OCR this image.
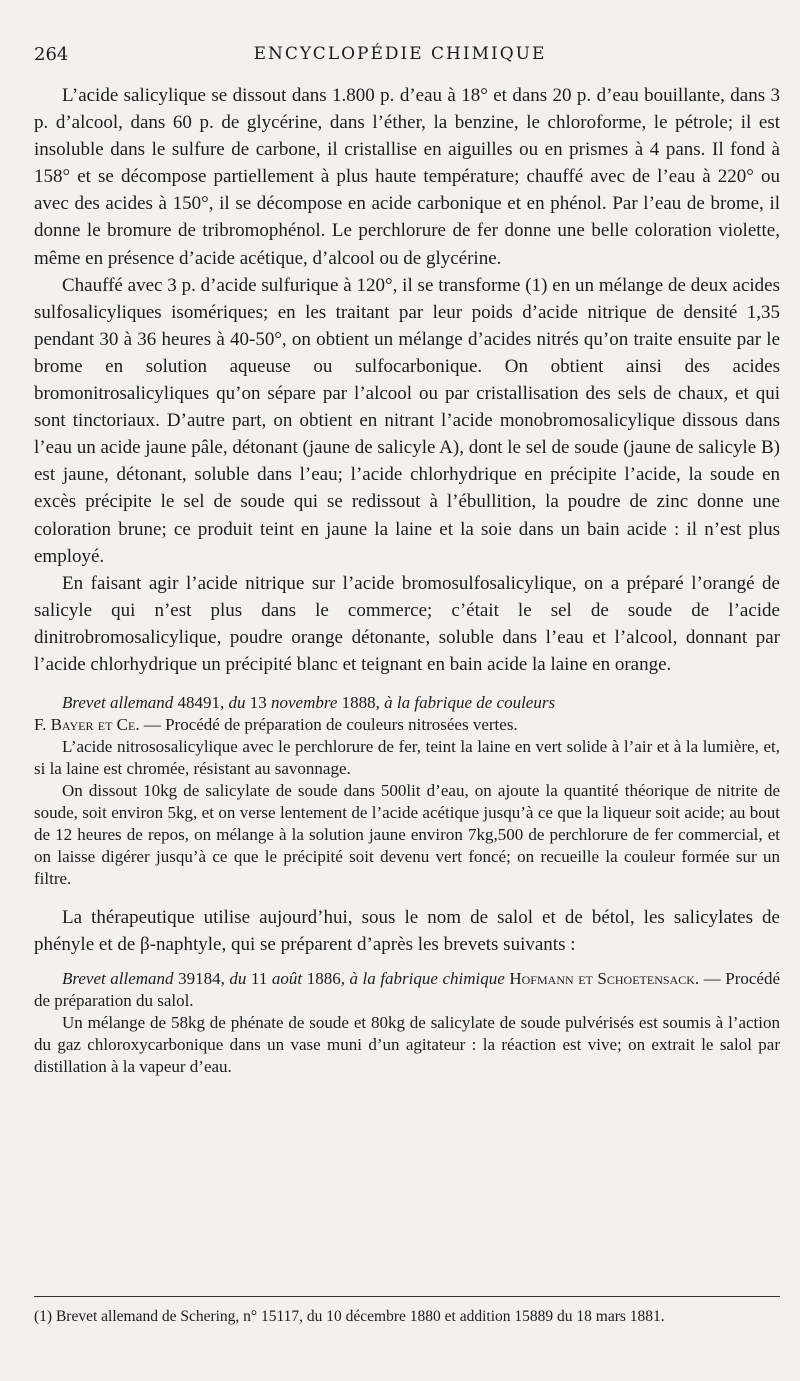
264	ENCYCLOPÉDIE CHIMIQUE

L’acide salicylique se dissout dans 1.800 p. d’eau à 18° et dans 20 p. d’eau bouillante, dans 3 p. d’alcool, dans 60 p. de glycérine, dans l’éther, la benzine, le chloroforme, le pétrole; il est insoluble dans le sulfure de carbone, il cristallise en aiguilles ou en prismes à 4 pans. Il fond à 158° et se décompose partiellement à plus haute température; chauffé avec de l’eau à 220° ou avec des acides à 150°, il se décompose en acide carbonique et en phénol. Par l’eau de brome, il donne le bromure de tribromophénol. Le perchlorure de fer donne une belle coloration violette, même en présence d’acide acétique, d’alcool ou de glycérine.

Chauffé avec 3 p. d’acide sulfurique à 120°, il se transforme (1) en un mélange de deux acides sulfosalicyliques isomériques; en les traitant par leur poids d’acide nitrique de densité 1,35 pendant 30 à 36 heures à 40-50°, on obtient un mélange d’acides nitrés qu’on traite ensuite par le brome en solution aqueuse ou sulfocarbonique. On obtient ainsi des acides bromonitrosalicyliques qu’on sépare par l’alcool ou par cristallisation des sels de chaux, et qui sont tinctoriaux. D’autre part, on obtient en nitrant l’acide monobromosalicylique dissous dans l’eau un acide jaune pâle, détonant (jaune de salicyle A), dont le sel de soude (jaune de salicyle B) est jaune, détonant, soluble dans l’eau; l’acide chlorhydrique en précipite l’acide, la soude en excès précipite le sel de soude qui se redissout à l’ébullition, la poudre de zinc donne une coloration brune; ce produit teint en jaune la laine et la soie dans un bain acide : il n’est plus employé.

En faisant agir l’acide nitrique sur l’acide bromosulfosalicylique, on a préparé l’orangé de salicyle qui n’est plus dans le commerce; c’était le sel de soude de l’acide dinitrobromosalicylique, poudre orange détonante, soluble dans l’eau et l’alcool, donnant par l’acide chlorhydrique un précipité blanc et teignant en bain acide la laine en orange.

Brevet allemand 48491, du 13 novembre 1888, à la fabrique de couleurs
F. Bayer et Ce. — Procédé de préparation de couleurs nitrosées vertes.

L’acide nitrososalicylique avec le perchlorure de fer, teint la laine en vert solide à l’air et à la lumière, et, si la laine est chromée, résistant au savonnage.

On dissout 10kg de salicylate de soude dans 500lit d’eau, on ajoute la quantité théorique de nitrite de soude, soit environ 5kg, et on verse lentement de l’acide acétique jusqu’à ce que la liqueur soit acide; au bout de 12 heures de repos, on mélange à la solution jaune environ 7kg,500 de perchlorure de fer commercial, et on laisse digérer jusqu’à ce que le précipité soit devenu vert foncé; on recueille la couleur formée sur un filtre.

La thérapeutique utilise aujourd’hui, sous le nom de salol et de bétol, les salicylates de phényle et de β-naphtyle, qui se préparent d’après les brevets suivants :

Brevet allemand 39184, du 11 août 1886, à la fabrique chimique Hofmann et Schoetensack. — Procédé de préparation du salol.

Un mélange de 58kg de phénate de soude et 80kg de salicylate de soude pulvérisés est soumis à l’action du gaz chloroxycarbonique dans un vase muni d’un agitateur : la réaction est vive; on extrait le salol par distillation à la vapeur d’eau.

(1) Brevet allemand de Schering, n° 15117, du 10 décembre 1880 et addition 15889 du 18 mars 1881.
